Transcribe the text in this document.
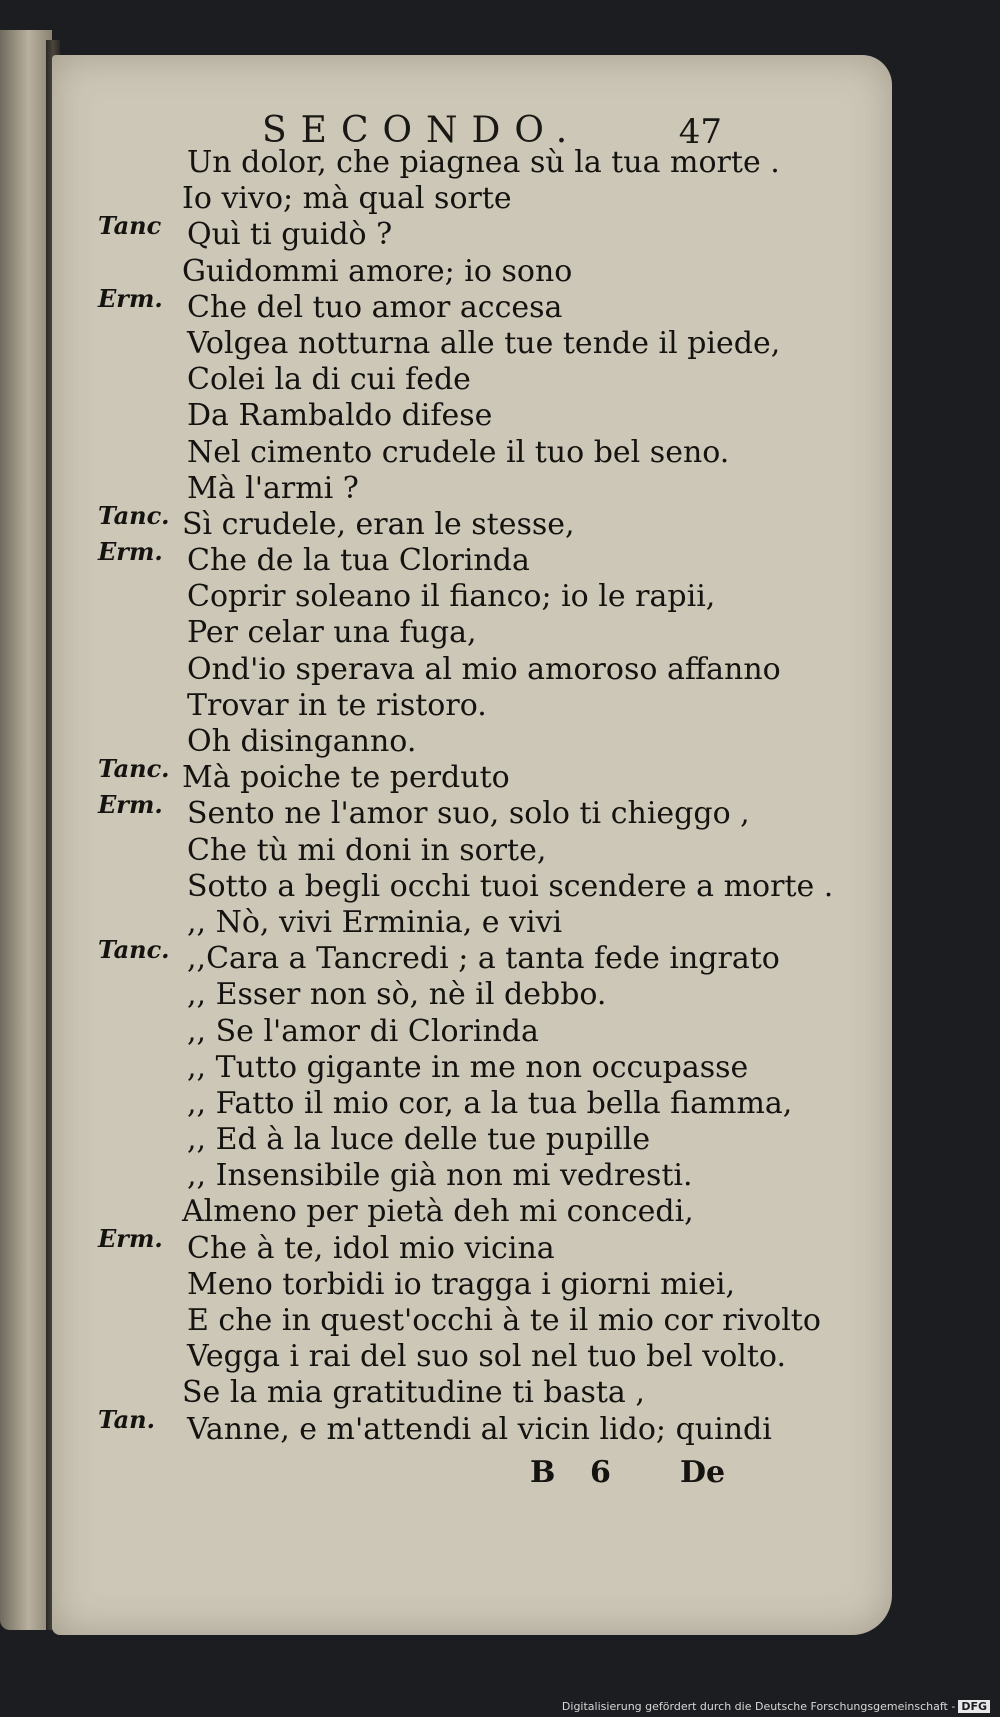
SECONDO.	47
Un dolor, che piagnea sù la tua morte .
Tanc
Io vivo; mà qual sorte
Quì ti guidò ?
Erm.
Guidommi amore; io sono
Che del tuo amor accesa
Volgea notturna alle tue tende il piede,
Colei la di cui fede
Da Rambaldo difese
Nel cimento crudele il tuo bel seno.
Tanc.
Mà l'armi ?
Erm.
Sì crudele, eran le stesse,
Che de la tua Clorinda
Coprir soleano il fianco; io le rapii,
Per celar una fuga,
Ond'io sperava al mio amoroso affanno
Trovar in te ristoro.
Tanc.
Oh disinganno.
Erm.
Mà poiche te perduto
Sento ne l'amor suo, solo ti chieggo ,
Che tù mi doni in sorte,
Sotto a begli occhi tuoi scendere a morte .
Tanc.
,, Nò, vivi Erminia, e vivi
,,Cara a Tancredi ; a tanta fede ingrato
,, Esser non sò, nè il debbo.
,, Se l'amor di Clorinda
,, Tutto gigante in me non occupasse
,, Fatto il mio cor, a la tua bella fiamma,
,, Ed à la luce delle tue pupille
,, Insensibile già non mi vedresti.
Erm.
Almeno per pietà deh mi concedi,
Che à te, idol mio vicina
Meno torbidi io tragga i giorni miei,
E che in quest'occhi à te il mio cor rivolto
Vegga i rai del suo sol nel tuo bel volto.
Tan.
Se la mia gratitudine ti basta ,
Vanne, e m'attendi al vicin lido; quindi
B 6 De
Digitalisierung gefördert durch die Deutsche Forschungsgemeinschaft - DFG
